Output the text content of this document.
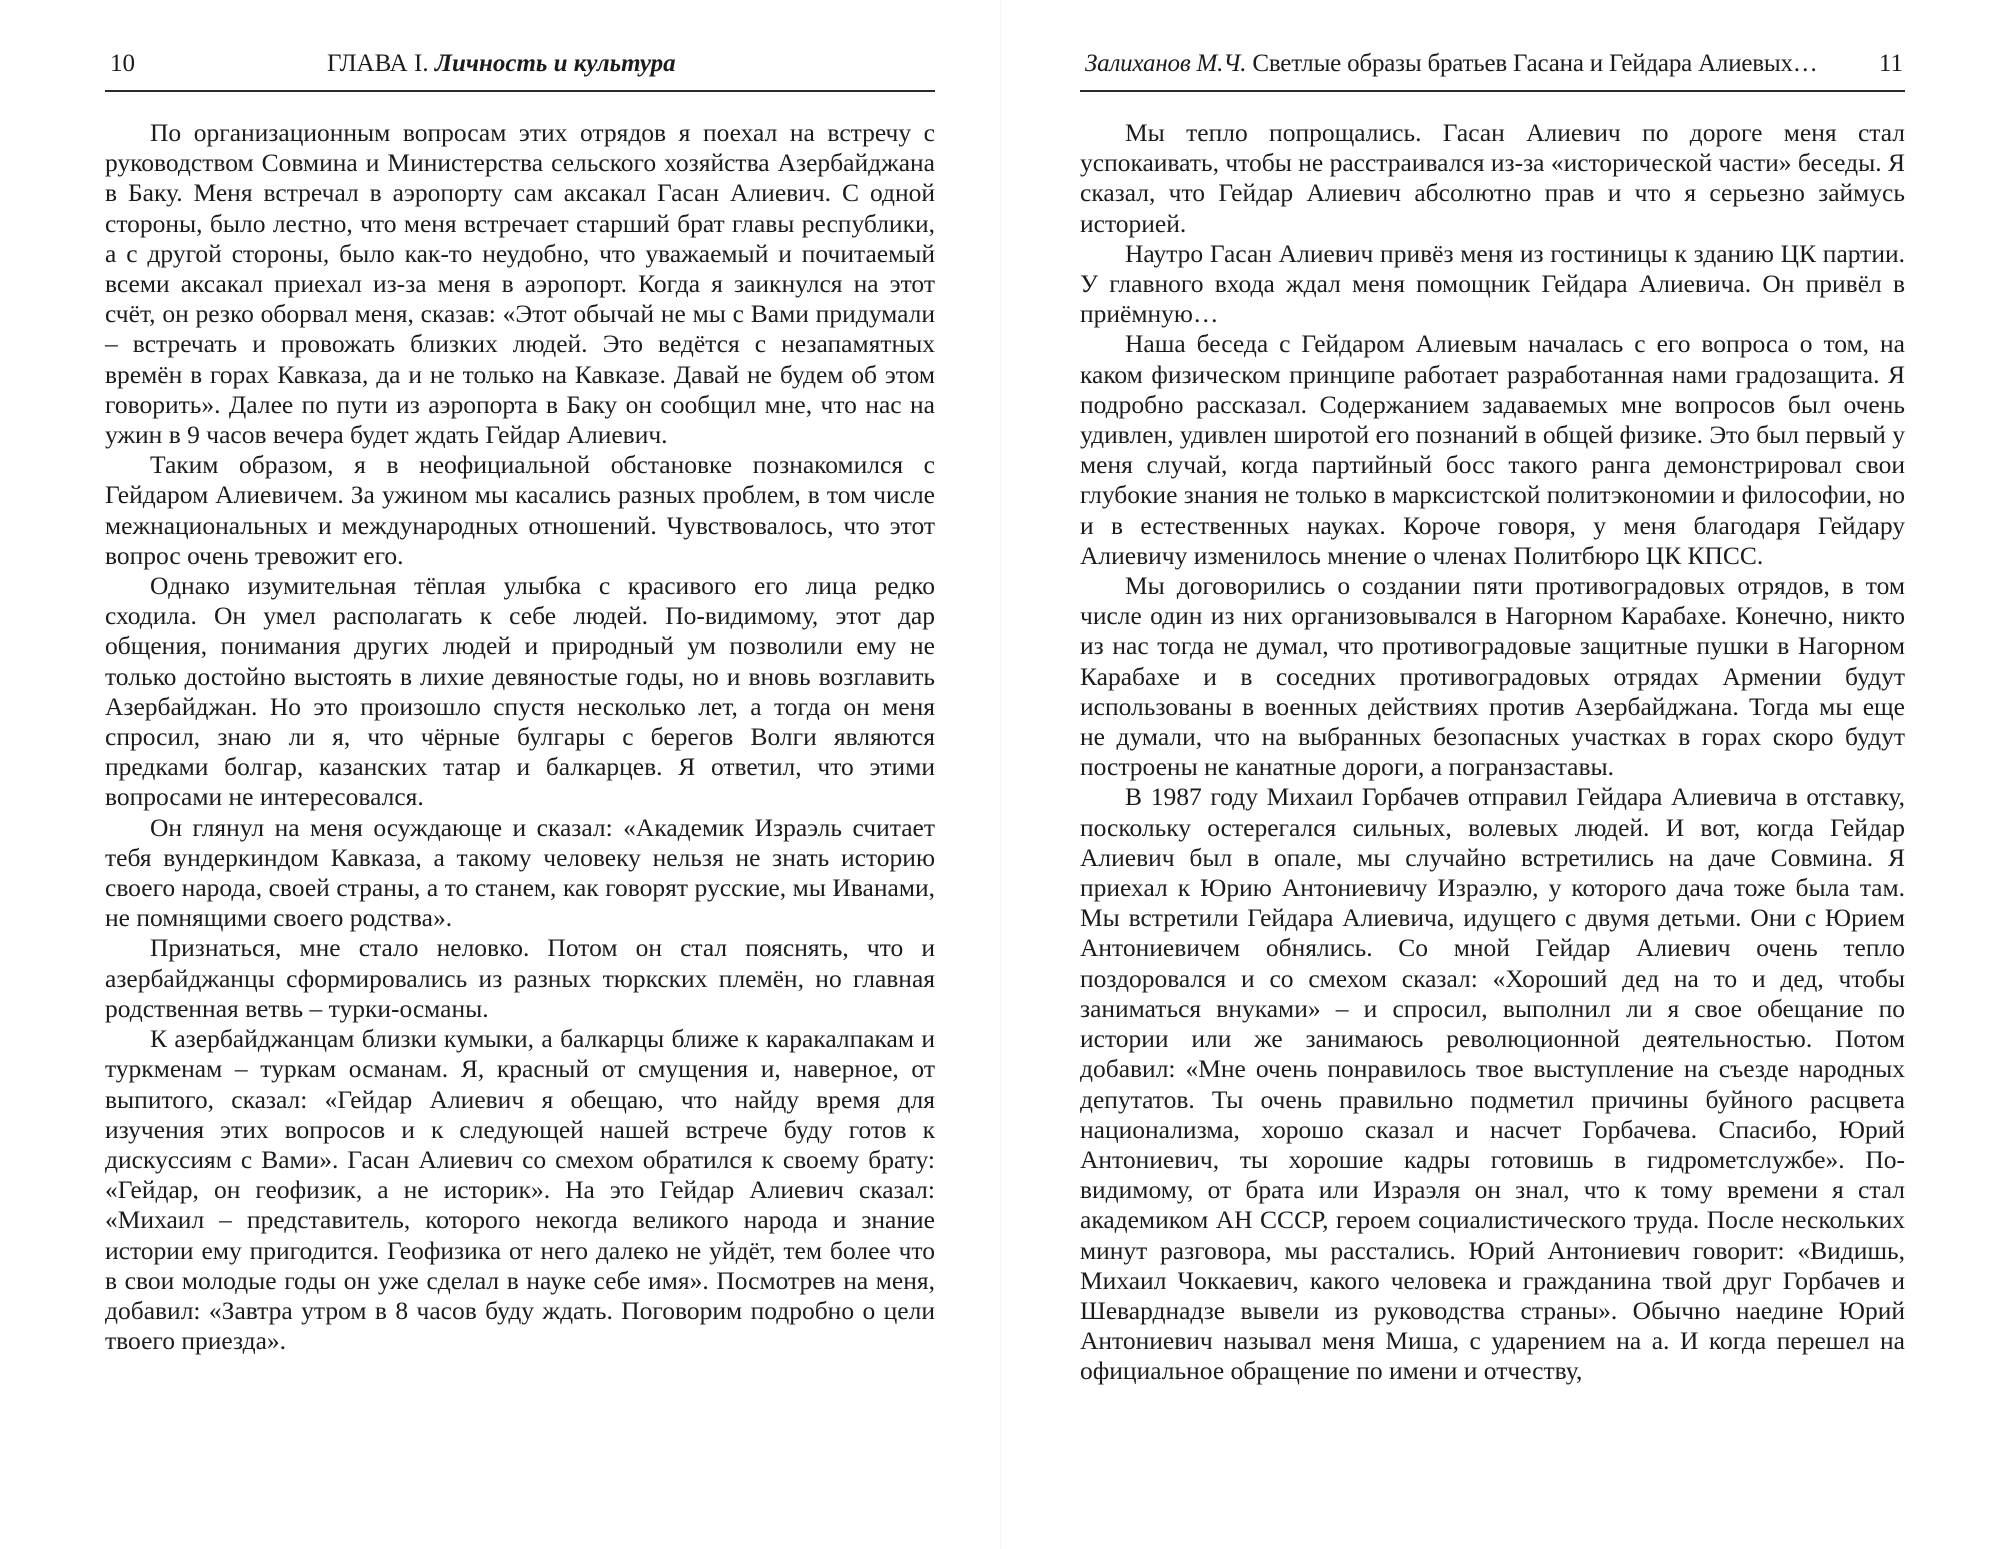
10	ГЛАВА I. Личность и культура

По организационным вопросам этих отрядов я поехал на встречу с руководством Совмина и Министерства сельского хозяйства Азербайджана в Баку. Меня встречал в аэропорту сам аксакал Гасан Алиевич. С одной стороны, было лестно, что меня встречает старший брат главы республики, а с другой стороны, было как-то неудобно, что уважаемый и почитаемый всеми аксакал приехал из-за меня в аэропорт. Когда я заикнулся на этот счёт, он резко оборвал меня, сказав: «Этот обычай не мы с Вами придумали – встречать и провожать близких людей. Это ведётся с незапамятных времён в горах Кавказа, да и не только на Кавказе. Давай не будем об этом говорить». Далее по пути из аэропорта в Баку он сообщил мне, что нас на ужин в 9 часов вечера будет ждать Гейдар Алиевич.

Таким образом, я в неофициальной обстановке познакомился с Гейдаром Алиевичем. За ужином мы касались разных проблем, в том числе межнациональных и международных отношений. Чувствовалось, что этот вопрос очень тревожит его.

Однако изумительная тёплая улыбка с красивого его лица редко сходила. Он умел располагать к себе людей. По-видимому, этот дар общения, понимания других людей и природный ум позволили ему не только достойно выстоять в лихие девяностые годы, но и вновь возглавить Азербайджан. Но это произошло спустя несколько лет, а тогда он меня спросил, знаю ли я, что чёрные булгары с берегов Волги являются предками болгар, казанских татар и балкарцев. Я ответил, что этими вопросами не интересовался.

Он глянул на меня осуждающе и сказал: «Академик Израэль считает тебя вундеркиндом Кавказа, а такому человеку нельзя не знать историю своего народа, своей страны, а то станем, как говорят русские, мы Иванами, не помнящими своего родства».

Признаться, мне стало неловко. Потом он стал пояснять, что и азербайджанцы сформировались из разных тюркских племён, но главная родственная ветвь – турки-османы.

К азербайджанцам близки кумыки, а балкарцы ближе к каракалпакам и туркменам – туркам османам. Я, красный от смущения и, наверное, от выпитого, сказал: «Гейдар Алиевич я обещаю, что найду время для изучения этих вопросов и к следующей нашей встрече буду готов к дискуссиям с Вами». Гасан Алиевич со смехом обратился к своему брату: «Гейдар, он геофизик, а не историк». На это Гейдар Алиевич сказал: «Михаил – представитель, которого некогда великого народа и знание истории ему пригодится. Геофизика от него далеко не уйдёт, тем более что в свои молодые годы он уже сделал в науке себе имя». Посмотрев на меня, добавил: «Завтра утром в 8 часов буду ждать. Поговорим подробно о цели твоего приезда».

Залиханов М.Ч. Светлые образы братьев Гасана и Гейдара Алиевых… 11

Мы тепло попрощались. Гасан Алиевич по дороге меня стал успокаивать, чтобы не расстраивался из-за «исторической части» беседы. Я сказал, что Гейдар Алиевич абсолютно прав и что я серьезно займусь историей.

Наутро Гасан Алиевич привёз меня из гостиницы к зданию ЦК партии. У главного входа ждал меня помощник Гейдара Алиевича. Он привёл в приёмную…

Наша беседа с Гейдаром Алиевым началась с его вопроса о том, на каком физическом принципе работает разработанная нами градозащита. Я подробно рассказал. Содержанием задаваемых мне вопросов был очень удивлен, удивлен широтой его познаний в общей физике. Это был первый у меня случай, когда партийный босс такого ранга демонстрировал свои глубокие знания не только в марксистской политэкономии и философии, но и в естественных науках. Короче говоря, у меня благодаря Гейдару Алиевичу изменилось мнение о членах Политбюро ЦК КПСС.

Мы договорились о создании пяти противоградовых отрядов, в том числе один из них организовывался в Нагорном Карабахе. Конечно, никто из нас тогда не думал, что противоградовые защитные пушки в Нагорном Карабахе и в соседних противоградовых отрядах Армении будут использованы в военных действиях против Азербайджана. Тогда мы еще не думали, что на выбранных безопасных участках в горах скоро будут построены не канатные дороги, а погранзаставы.

В 1987 году Михаил Горбачев отправил Гейдара Алиевича в отставку, поскольку остерегался сильных, волевых людей. И вот, когда Гейдар Алиевич был в опале, мы случайно встретились на даче Совмина. Я приехал к Юрию Антониевичу Израэлю, у которого дача тоже была там. Мы встретили Гейдара Алиевича, идущего с двумя детьми. Они с Юрием Антониевичем обнялись. Со мной Гейдар Алиевич очень тепло поздоровался и со смехом сказал: «Хороший дед на то и дед, чтобы заниматься внуками» – и спросил, выполнил ли я свое обещание по истории или же занимаюсь революционной деятельностью. Потом добавил: «Мне очень понравилось твое выступление на съезде народных депутатов. Ты очень правильно подметил причины буйного расцвета национализма, хорошо сказал и насчет Горбачева. Спасибо, Юрий Антониевич, ты хорошие кадры готовишь в гидрометслужбе». По-видимому, от брата или Израэля он знал, что к тому времени я стал академиком АН СССР, героем социалистического труда. После нескольких минут разговора, мы расстались. Юрий Антониевич говорит: «Видишь, Михаил Чоккаевич, какого человека и гражданина твой друг Горбачев и Шеварднадзе вывели из руководства страны». Обычно наедине Юрий Антониевич называл меня Миша, с ударением на а. И когда перешел на официальное обращение по имени и отчеству,
